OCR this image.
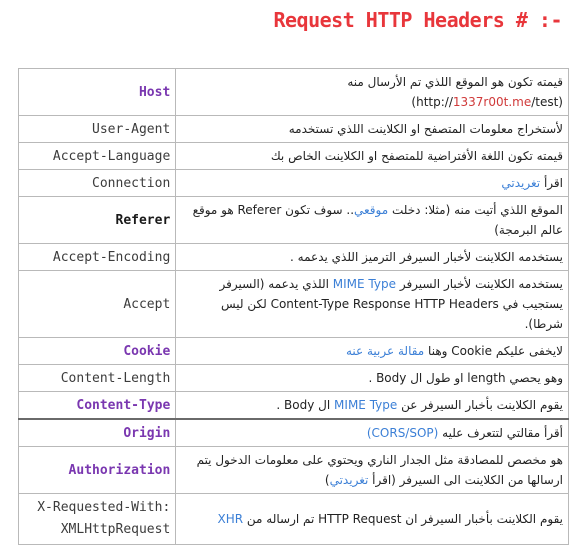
Request HTTP Headers # :-
قيمته تكون هو الموقع اللذي تم الأرسال منه
(http://1337r00t.me/test)	Host
لأستخراج معلومات المتصفح او الكلاينت اللذي تستخدمه	User-Agent
قيمته تكون اللغة الأفتراضية للمتصفح او الكلاينت الخاص بك	Accept-Language
اقرأ تغريدتي	Connection
الموقع اللذي أتيت منه (مثلا: دخلت موقعي.. سوف تكون Referer هو موقع عالم البرمجة)	Referer
يستخدمه الكلاينت لأخبار السيرفر الترميز اللذي يدعمه .	Accept-Encoding
يستخدمه الكلاينت لأخبار السيرفر MIME Type اللذي يدعمه (السيرفر يستجيب في Content-Type Response HTTP Headers لكن ليس شرطا).	Accept
لايخفى عليكم Cookie وهنا مقالة عربية عنه	Cookie
وهو يحصي length او طول ال Body .	Content-Length
يقوم الكلاينت بأخبار السيرفر عن MIME Type ال Body .	Content-Type
أقرأ مقالتي لتتعرف عليه (CORS/SOP)	Origin
هو مخصص للمصادقة مثل الجدار الناري ويحتوي على معلومات الدخول يتم ارسالها من الكلاينت الى السيرفر (اقرأ تغريدتي)	Authorization
يقوم الكلاينت بأخبار السيرفر ان HTTP Request تم ارساله من XHR	X-Requested-With: XMLHttpRequest
